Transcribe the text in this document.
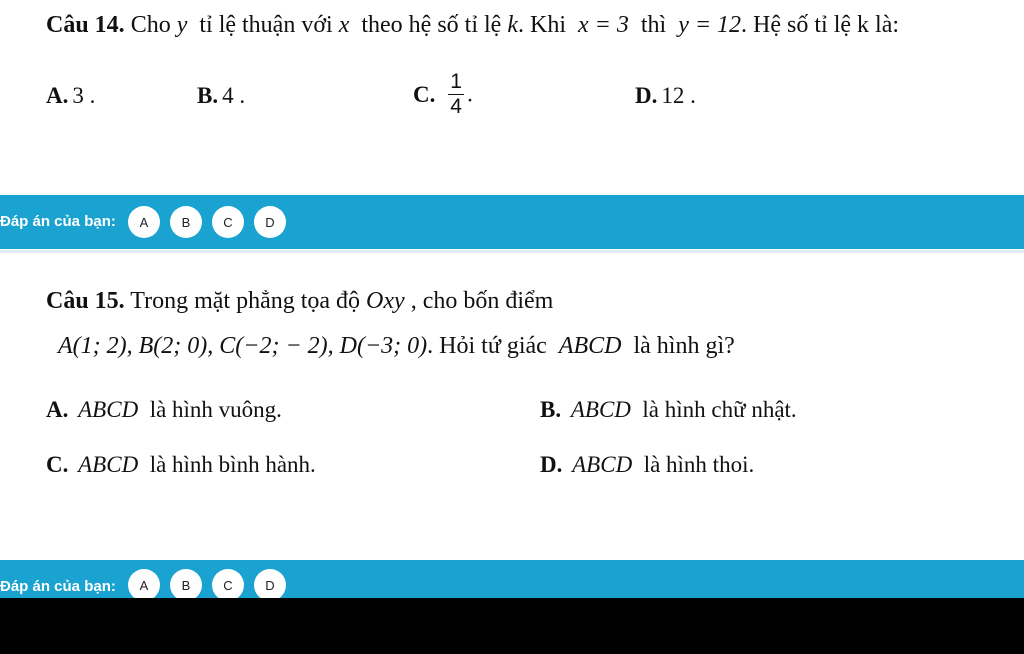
Câu 14. Cho y tỉ lệ thuận với x theo hệ số tỉ lệ k. Khi x = 3 thì y = 12. Hệ số tỉ lệ k là:
A. 3 .	B. 4 .	C. $\frac{1}{4}$ .	D. 12 .
Đáp án của bạn:	A	B	C	D
Câu 15. Trong mặt phẳng tọa độ Oxy , cho bốn điểm
A(1; 2), B(2; 0), C(−2; − 2), D(−3; 0). Hỏi tứ giác ABCD là hình gì?
A. ABCD là hình vuông.	B. ABCD là hình chữ nhật.
C. ABCD là hình bình hành.	D. ABCD là hình thoi.
Đáp án của bạn:	A	B	C	D
